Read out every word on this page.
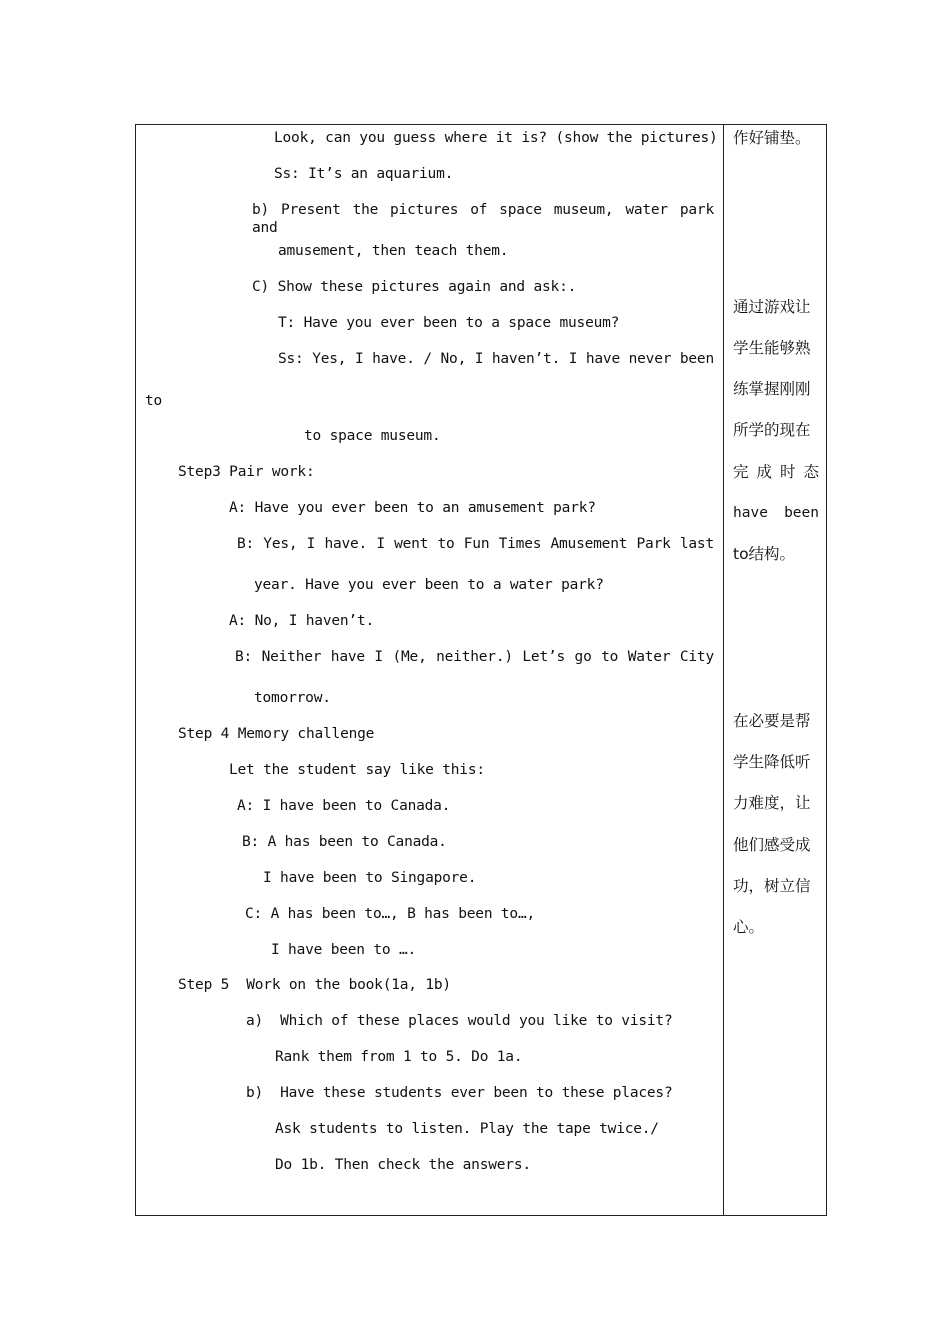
Look, can you guess where it is? (show the pictures)
Ss: It’s an aquarium.
b) Present the pictures of space museum, water park and
amusement, then teach them.
C) Show these pictures again and ask:.
T: Have you ever been to a space museum?
Ss: Yes, I have. / No, I haven’t. I have never been
to
to space museum.
Step3 Pair work:
A: Have you ever been to an amusement park?
B: Yes, I have. I went to Fun Times Amusement Park last
year. Have you ever been to a water park?
A: No, I haven’t.
B: Neither have I (Me, neither.) Let’s go to Water City
tomorrow.
Step 4 Memory challenge
Let the student say like this:
A: I have been to Canada.
B: A has been to Canada.
I have been to Singapore.
C: A has been to…, B has been to…,
I have been to ….
Step 5  Work on the book(1a, 1b)
a)  Which of these places would you like to visit?
Rank them from 1 to 5. Do 1a.
b)  Have these students ever been to these places?
Ask students to listen. Play the tape twice./
Do 1b. Then check the answers.
作好铺垫。
通过游戏让
学生能够熟
练掌握刚刚
所学的现在
完 成 时 态
have been
to结构。
在必要是帮
学生降低听
力难度，让
他们感受成
功，树立信
心。
